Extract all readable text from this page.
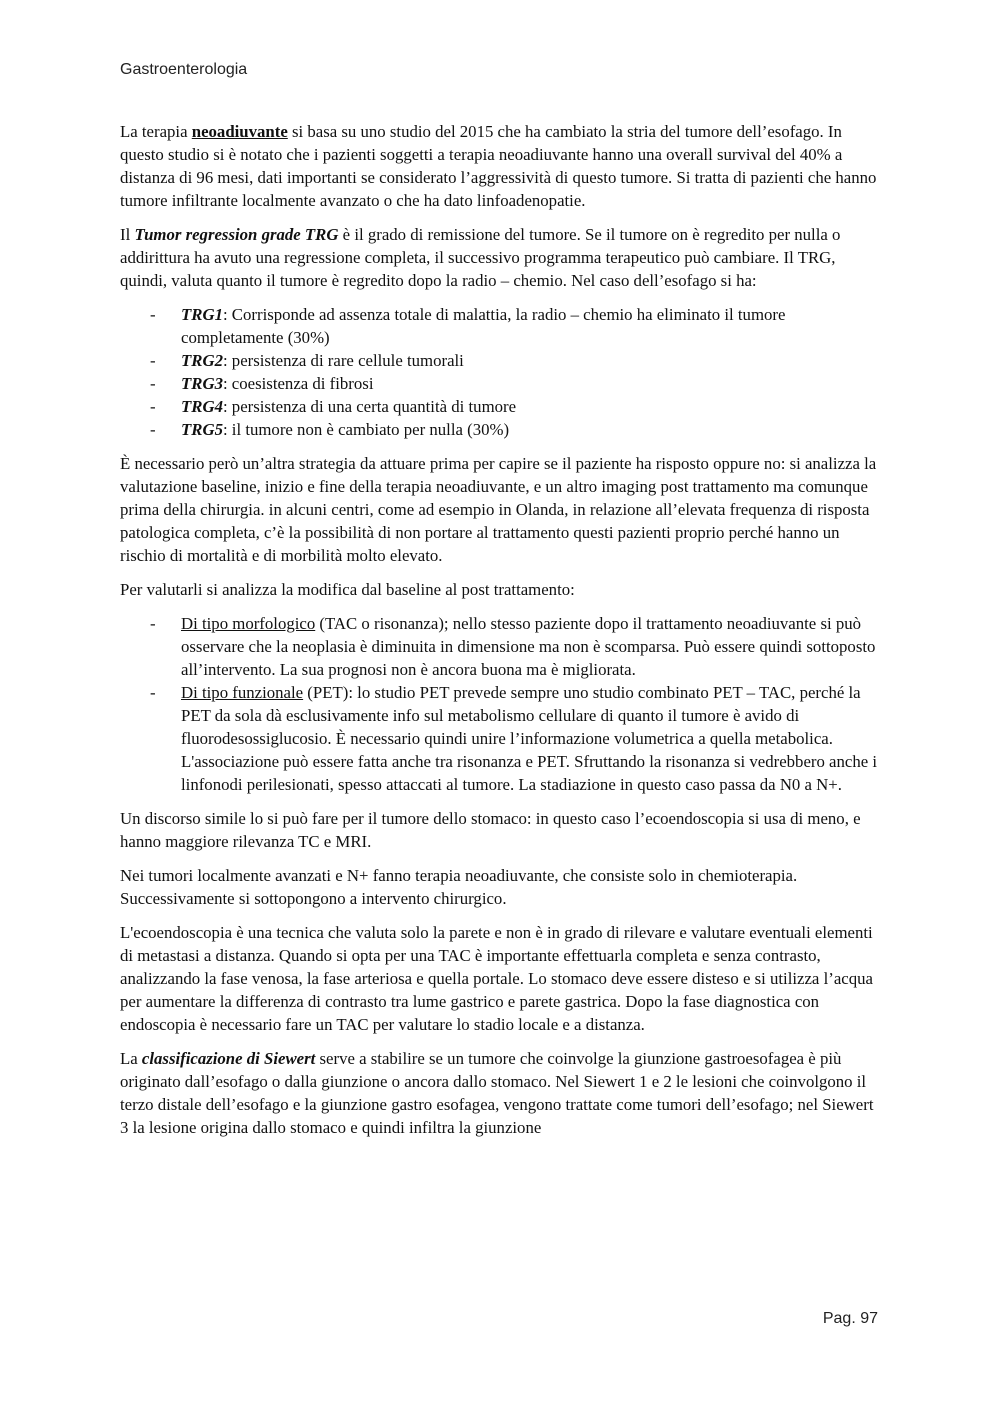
Gastroenterologia

La terapia neoadiuvante si basa su uno studio del 2015 che ha cambiato la stria del tumore dell’esofago. In questo studio si è notato che i pazienti soggetti a terapia neoadiuvante hanno una overall survival del 40% a distanza di 96 mesi, dati importanti se considerato l’aggressività di questo tumore. Si tratta di pazienti che hanno tumore infiltrante localmente avanzato o che ha dato linfoadenopatie.

Il Tumor regression grade TRG è il grado di remissione del tumore. Se il tumore on è regredito per nulla o addirittura ha avuto una regressione completa, il successivo programma terapeutico può cambiare. Il TRG, quindi, valuta quanto il tumore è regredito dopo la radio – chemio. Nel caso dell’esofago si ha:

- TRG1: Corrisponde ad assenza totale di malattia, la radio – chemio ha eliminato il tumore completamente (30%)
- TRG2: persistenza di rare cellule tumorali
- TRG3: coesistenza di fibrosi
- TRG4: persistenza di una certa quantità di tumore
- TRG5: il tumore non è cambiato per nulla (30%)

È necessario però un’altra strategia da attuare prima per capire se il paziente ha risposto oppure no: si analizza la valutazione baseline, inizio e fine della terapia neoadiuvante, e un altro imaging post trattamento ma comunque prima della chirurgia. in alcuni centri, come ad esempio in Olanda, in relazione all’elevata frequenza di risposta patologica completa, c’è la possibilità di non portare al trattamento questi pazienti proprio perché hanno un rischio di mortalità e di morbilità molto elevato.

Per valutarli si analizza la modifica dal baseline al post trattamento:

- Di tipo morfologico (TAC o risonanza); nello stesso paziente dopo il trattamento neoadiuvante si può osservare che la neoplasia è diminuita in dimensione ma non è scomparsa. Può essere quindi sottoposto all’intervento. La sua prognosi non è ancora buona ma è migliorata.
- Di tipo funzionale (PET): lo studio PET prevede sempre uno studio combinato PET – TAC, perché la PET da sola dà esclusivamente info sul metabolismo cellulare di quanto il tumore è avido di fluorodesossiglucosio. È necessario quindi unire l’informazione volumetrica a quella metabolica. L'associazione può essere fatta anche tra risonanza e PET. Sfruttando la risonanza si vedrebbero anche i linfonodi perilesionati, spesso attaccati al tumore. La stadiazione in questo caso passa da N0 a N+.

Un discorso simile lo si può fare per il tumore dello stomaco: in questo caso l’ecoendoscopia si usa di meno, e hanno maggiore rilevanza TC e MRI.

Nei tumori localmente avanzati e N+ fanno terapia neoadiuvante, che consiste solo in chemioterapia. Successivamente si sottopongono a intervento chirurgico.

L'ecoendoscopia è una tecnica che valuta solo la parete e non è in grado di rilevare e valutare eventuali elementi di metastasi a distanza. Quando si opta per una TAC è importante effettuarla completa e senza contrasto, analizzando la fase venosa, la fase arteriosa e quella portale. Lo stomaco deve essere disteso e si utilizza l’acqua per aumentare la differenza di contrasto tra lume gastrico e parete gastrica. Dopo la fase diagnostica con endoscopia è necessario fare un TAC per valutare lo stadio locale e a distanza.

La classificazione di Siewert serve a stabilire se un tumore che coinvolge la giunzione gastroesofagea è più originato dall’esofago o dalla giunzione o ancora dallo stomaco. Nel Siewert 1 e 2 le lesioni che coinvolgono il terzo distale dell’esofago e la giunzione gastro esofagea, vengono trattate come tumori dell’esofago; nel Siewert 3 la lesione origina dallo stomaco e quindi infiltra la giunzione

Pag. 97
